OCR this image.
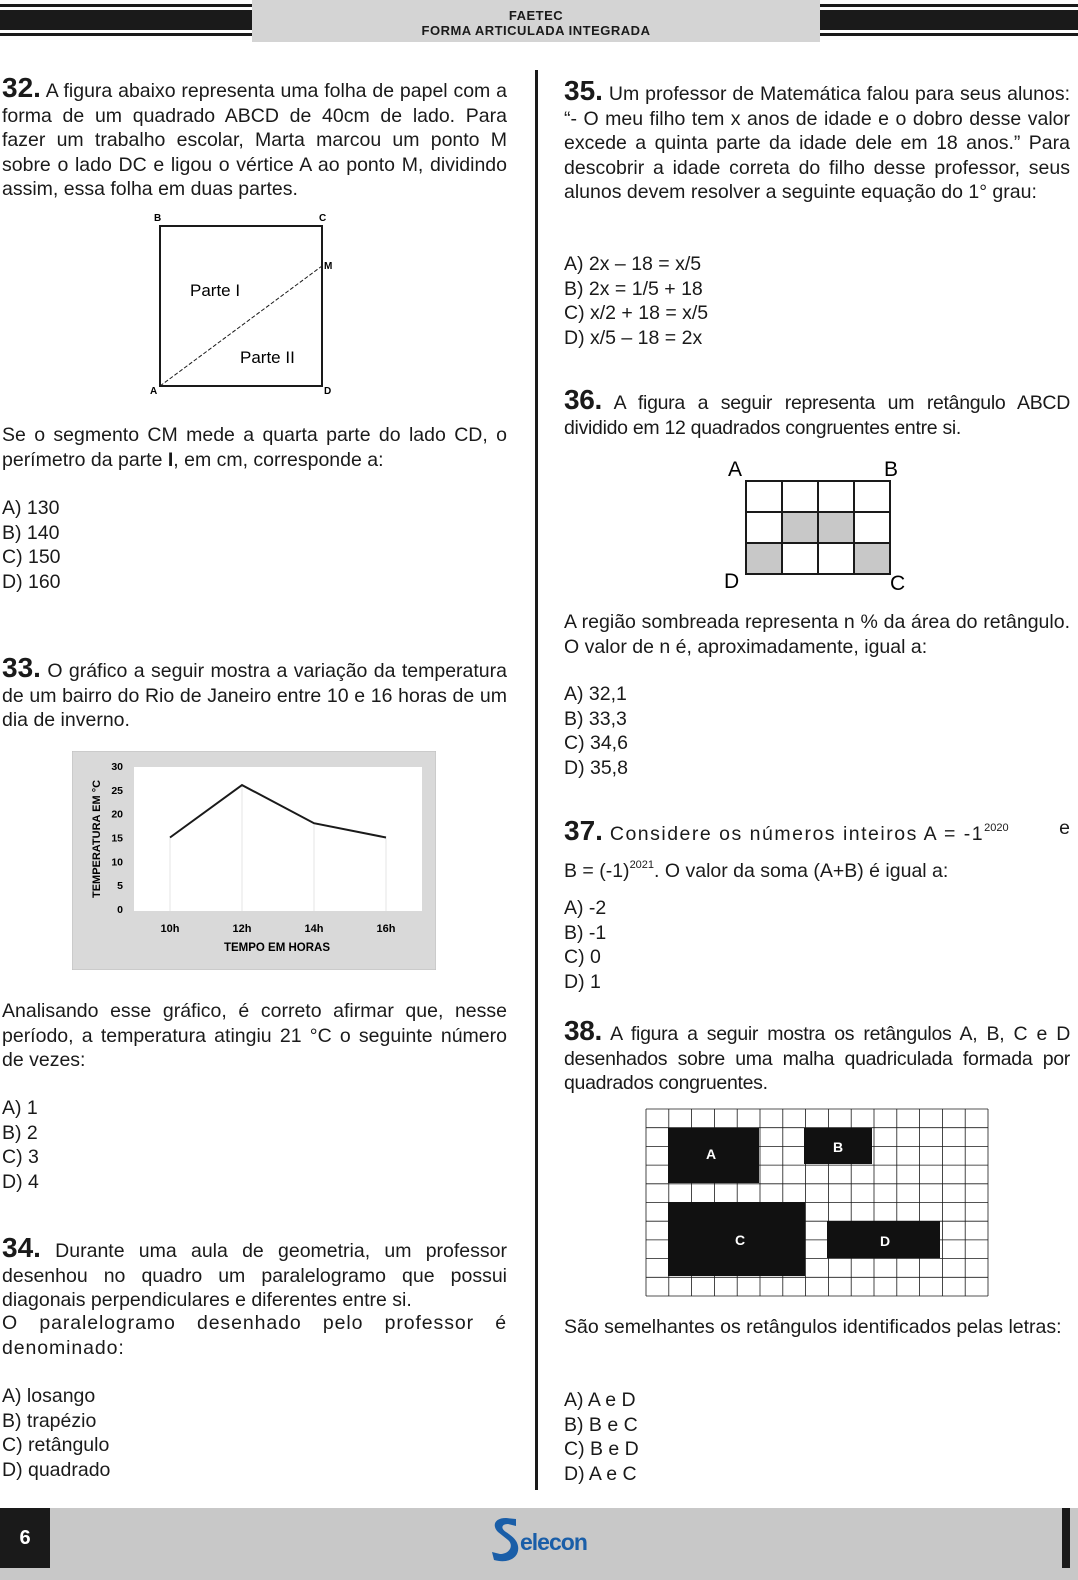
FAETEC
FORMA ARTICULADA INTEGRADA
32. A figura abaixo representa uma folha de papel com a forma de um quadrado ABCD de 40cm de lado. Para fazer um trabalho escolar, Marta marcou um ponto M sobre o lado DC e ligou o vértice A ao ponto M, dividindo assim, essa folha em duas partes.
B	C
M
A	D
Parte I
Parte II
Se o segmento CM mede a quarta parte do lado CD, o perímetro da parte I, em cm, corresponde a:
A) 130
B) 140
C) 150
D) 160
33. O gráfico a seguir mostra a variação da temperatura de um bairro do Rio de Janeiro entre 10 e 16 horas de um dia de inverno.
0
5
10
15
20
25
30
10h	12h	14h	16h
TEMPO EM HORAS
TEMPERATURA EM °C
Analisando esse gráfico, é correto afirmar que, nesse período, a temperatura atingiu 21 °C o seguinte número de vezes:
A) 1
B) 2
C) 3
D) 4
34. Durante uma aula de geometria, um professor desenhou no quadro um paralelogramo que possui diagonais perpendiculares e diferentes entre si.
O paralelogramo desenhado pelo professor é denominado:
A) losango
B) trapézio
C) retângulo
D) quadrado
35. Um professor de Matemática falou para seus alunos: “- O meu filho tem x anos de idade e o dobro desse valor excede a quinta parte da idade dele em 18 anos.” Para descobrir a idade correta do filho desse professor, seus alunos devem resolver a seguinte equação do 1° grau:
A) 2x – 18 = x/5
B) 2x = 1/5 + 18
C) x/2 + 18 = x/5
D) x/5 – 18 = 2x
36. A figura a seguir representa um retângulo ABCD dividido em 12 quadrados congruentes entre si.
A	B
D	C
A região sombreada representa n % da área do retângulo. O valor de n é, aproximadamente, igual a:
A) 32,1
B) 33,3
C) 34,6
D) 35,8
37. Considere os números inteiros $A = -1^{2020}$	e
$B = (-1)^{2021}$. O valor da soma (A+B) é igual a:
A) -2
B) -1
C) 0
D) 1
38. A figura a seguir mostra os retângulos A, B, C e D desenhados sobre uma malha quadriculada formada por quadrados congruentes.
A	B
C	D
São semelhantes os retângulos identificados pelas letras:
A) A e D
B) B e C
C) B e D
D) A e C
6	elecon
